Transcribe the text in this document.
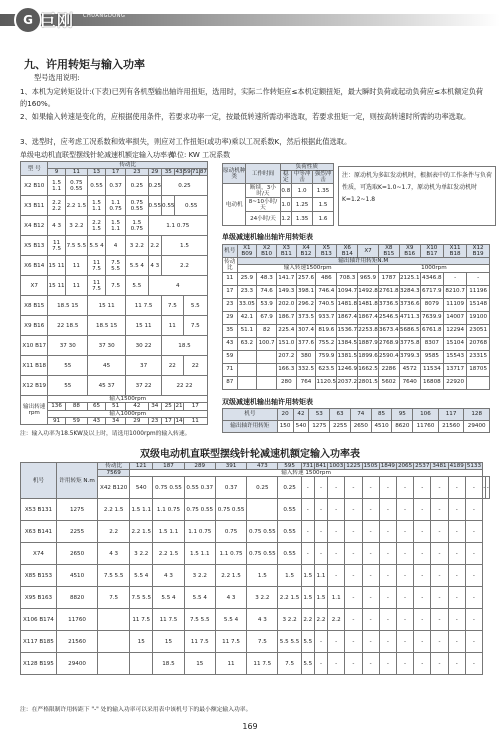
G 巨刚 CHUANGDONG
九、许用转矩与输入功率
型号选用说明:
1、本机为定转矩设计:(下表)已列有各机型输出轴许用扭矩，选用时，实际二作转矩应≤本机定额扭矩，最大瞬时负荷或起动负荷应≤本机额定负荷的160%。
2、如果输入转速是变化的，应根据使用条件，若要求功率一定，按最低转速所需动率选取，若要求扭矩一定，则按高转速时所需的功率选取。
3、选型时，应考虑工况系数和效率损失，则应对工作扭矩(或功率)乘以工况系数K，然后根据此值选取。
单级电动机直联型摆线针轮减速机额定输入功率表
单位: KW 工况系数
型 号	传动比										
	9	11	13	17	23	29	35	43	59	71	87
X2 B10	1.5 1.1	0.75 0.55	0.55	0.37	0.25	0.25	0.25				
X3 B11	2.2 2.2	2.2 1.5	1.5 1.1	1.1 0.75	0.75 0.55	0.55	0.55	0.55			
X4 B12	4 3	3 2.2	2.2 1.5	1.5 1.1	1.5 0.75	1.1 0.75					
X5 B13	11 7.5	7.5 5.5	5.5 4	4	3 2.2	2.2	1.5				
X6 B14	15 11	11	11 7.5	7.5 5.5	5.5 4	4 3	2.2				
X7	15 11	11	11 7.5	7.5	5.5	4					
X8 B15	18.5 15		15 11		11 7.5		7.5		5.5		
X9 B16	22 18.5		18.5 15		15 11		11		7.5		
X10 B17	37 30		37 30		30 22		18.5				
X11 B18	55		45		37		22		22		
X12 B19	55		45 37		37 22		22 22				
输出转速 rpm	输入1500rpm										
	136	88	65	51	42	34	25	21	17		
	输入1000rpm										
	91	59	43	34	29	23	17	14	11		
注：输入功率为18.5KW及以上时，请选用1000rpm的输入转速。
原动机种类	工作时间	负荷性质		
		稳定	中等冲击	强烈冲击
电动机	断续，3小时/天	0.8	1.0	1.35
	8~10小时/天	1.0	1.25	1.5
	24小时/天	1.2	1.35	1.6
注：原动机为多缸发动机时，根据表中的工作条件与负荷性质，可选取K=1.0~1.7，原动机为单缸发动机时K=1.2~1.8
单级减速机输出轴许用转矩表
机号	X1 B09	X2 B10	X3 B11	X4 B12	X5 B13	X6 B14	X7	X8 B15	X9 B16	X10 B17	X11 B18	X12 B19
传动比	输出轴许用转矩N.M											
	输入转速1500rpm							1000rpm				
11	25.9	48.3	141.7	257.6	486	708.3	965.9	1787	2125.1	4346.8	-	-
17	23.3	74.6	149.3	398.1	746.4	1094.7	1492.8	2761.8	3284.3	6717.9	8210.7	11196
23	33.05	53.9	202.0	296.2	740.5	1481.8	1481.8	3736.5	3736.6	8079	11109	15148
29	42.1	67.9	186.7	373.5	933.7	1867.4	1867.4	2546.5	4711.3	7639.9	14007	19100
35	51.1	82	225.4	307.4	819.6	1536.7	2253.8	3673.4	5686.5	6761.8	12294	23051
43	63.2	100.7	151.0	377.6	755.2	1384.5	1887.9	2768.9	3775.8	8307	15104	20768
59			207.2	380	759.9	1381.5	1899.6	2590.4	3799.3	9585	15543	23315
71			166.3	332.5	623.5	1246.9	1662.5	2286	4572	11534	13717	18705
87			280	764	1120.5	2037.2	2801.5	5602	7640	16808	22920	
双级减速机输出轴许用转矩表
机号	20	42	53	63	74	85	95	106	117	128
输出轴许用转矩	150	540	1275	2255	2650	4510	8620	11760	21560	29400
双级电动机直联型摆线针轮减速机额定输入功率表
机号	许用转矩 N.m	传动比	121	187	289	391	473	595	731	841	1003	1225	1505	1849	2065	2537	3481	4189	5133		
		7569	输入转速 1500rpm																		
		X42 B120	540	0.75 0.55	0.55 0.37	0.37	0.25	0.25	-	-	-	-	-	-	-	-	-	-	-	-	-
X53 B131	1275	2.2 1.5	1.5 1.1	1.1 0.75	0.75 0.55	0.75 0.55		0.55	-	-	-	-	-	-	-	-	-	-	-		
X63 B141	2255	2.2	2.2 1.5	1.5 1.1	1.1 0.75	0.75	0.75 0.55	0.55	-	-	-	-	-	-	-	-	-	-	-		
X74	2650	4 3	3 2.2	2.2 1.5	1.5 1.1	1.1 0.75	0.75 0.55	0.55	-	-	-	-	-	-	-	-	-	-	-		
X85 B153	4510	7.5 5.5	5.5 4	4 3	3 2.2	2.2 1.5	1.5	1.5	1.5	1.1	-	-	-	-	-	-	-	-	-		
X95 B163	8820	7.5	7.5 5.5	5.5 4	5.5 4	4 3	3 2.2	2.2 1.5	1.5	1.5	1.1	-	-	-	-	-	-	-	-		
X106 B174	11760		11 7.5	11 7.5	7.5 5.5	5.5 4	4 3	3 2.2	2.2	2.2	2.2	-	-	-	-	-	-	-	-		
X117 B185	21560		15	15	11 7.5	11 7.5	7.5	5.5 5.5	5.5	-	-	-	-	-	-	-	-	-	-		
X128 B195	29400			18.5	15	11	11 7.5	7.5	5.5	-	-	-	-	-	-	-	-	-	-		
注：在严格限制许用转距下 "-" 处的输入功率可以采用表中该机号下的最小额定输入功率。
169
